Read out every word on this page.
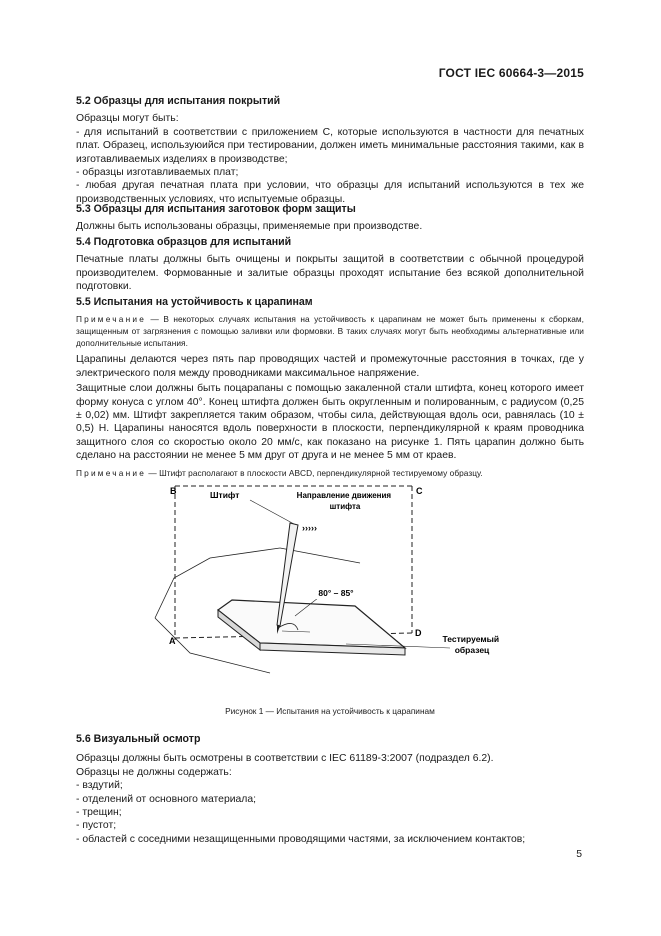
ГОСТ IEC 60664-3—2015

5.2 Образцы для испытания покрытий

Образцы могут быть:

- для испытаний в соответствии с приложением С, которые используются в частности для печатных плат. Образец, используюийся при тестировании, должен иметь минимальные расстояния такими, как в изготавливаемых изделиях в производстве;

- образцы изготавливаемых плат;

- любая другая печатная плата при условии, что образцы для испытаний используются в тех же производственных условиях, что испытуемые образцы.

5.3 Образцы для испытания заготовок форм защиты

Должны быть использованы образцы, применяемые при производстве.

5.4 Подготовка образцов для испытаний

Печатные платы должны быть очищены и покрыты защитой в соответствии с обычной процедурой производителем. Формованные и залитые образцы проходят испытание без всякой дополнительной подготовки.

5.5 Испытания на устойчивость к царапинам

Примечание — В некоторых случаях испытания на устойчивость к царапинам не может быть применены к сборкам, защищенным от загрязнения с помощью заливки или формовки. В таких случаях могут быть необходимы альтернативные или дополнительные испытания.

Царапины делаются через пять пар проводящих частей и промежуточные расстояния в точках, где у электрического поля между проводниками максимальное напряжение.

Защитные слои должны быть поцарапаны с помощью закаленной стали штифта, конец которого имеет форму конуса с углом 40°. Конец штифта должен быть округленным и полированным, с радиусом (0,25 ± 0,02) мм. Штифт закрепляется таким образом, чтобы сила, действующая вдоль оси, равнялась (10 ± 0,5) Н. Царапины наносятся вдоль поверхности в плоскости, перпендикулярной к краям проводника защитного слоя со скоростью около 20 мм/с, как показано на рисунке 1. Пять царапин должно быть сделано на расстоянии не менее 5 мм друг от друга и не менее 5 мм от краев.

Примечание — Штифт располагают в плоскости ABCD, перпендикулярной тестируемому образцу.

B	C
A
D
80° – 85°
Штифт
›››››
Направление движения штифта
Тестируемый образец
Рисунок 1 — Испытания на устойчивость к царапинам

5.6 Визуальный осмотр

Образцы должны быть осмотрены в соответствии с IEC 61189-3:2007 (подраздел 6.2).

Образцы не должны содержать:

- вздутий;

- отделений от основного материала;

- трещин;

- пустот;

- областей с соседними незащищенными проводящими частями, за исключением контактов;

5
